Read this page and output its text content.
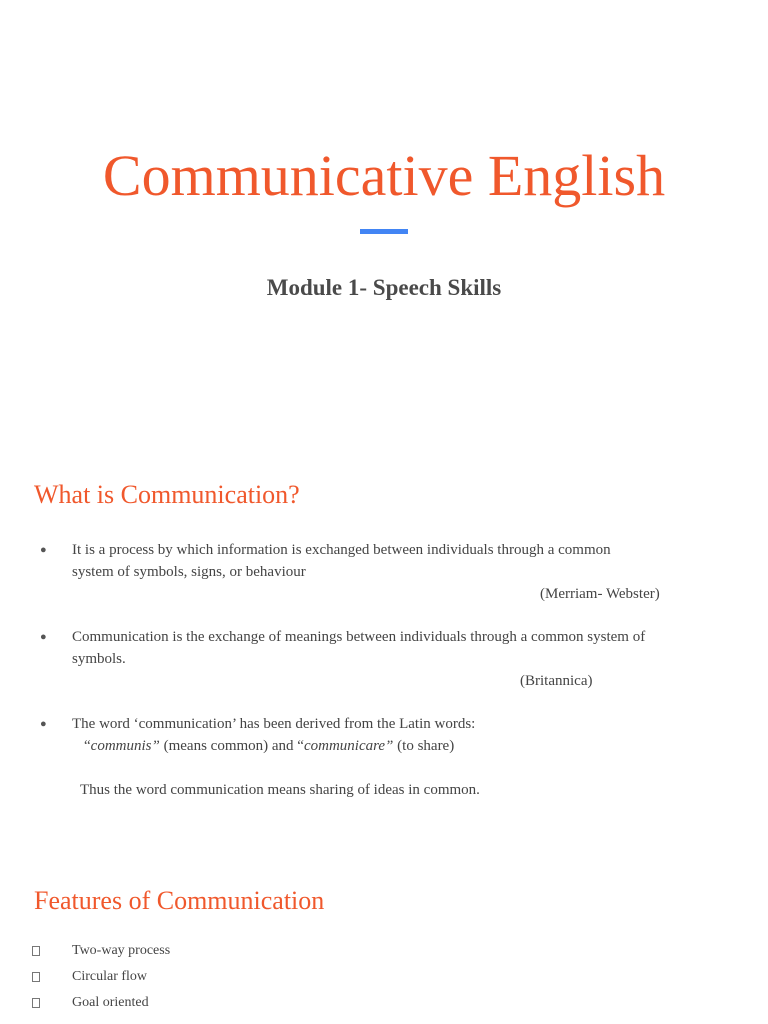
Communicative English
Module 1- Speech Skills
What is Communication?
●	It is a process by which information is exchanged between individuals through a common
system of symbols, signs, or behaviour
(Merriam- Webster)
●	Communication is the exchange of meanings between individuals through a common system of
symbols.
(Britannica)
●	The word ‘communication’ has been derived from the Latin words:
“communis” (means common) and “communicare” (to share)
Thus the word communication means sharing of ideas in common.
Features of Communication
Two-way process
Circular flow
Goal oriented
